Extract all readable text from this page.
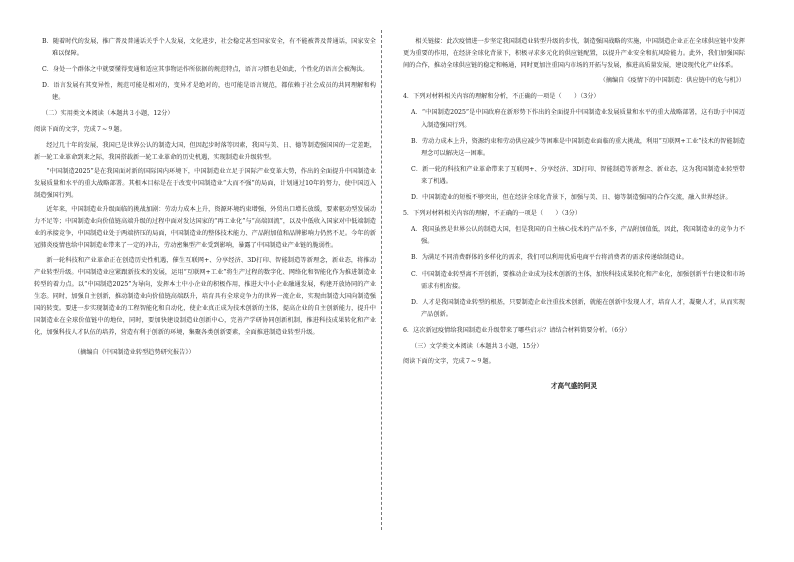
B．随着时代的发展，推广普及普通话关乎个人发展，文化进步，社会稳定甚至国家安全，有不能被普及普通话，国家安全难以保障。
C．身处一个群体之中就要懂得变通和适应其事物运作所依据的规范特点，语言习惯也是如此，个性化的语言会被淘汰。
D．语言发展有其变异性，规范可能是相对的，变异才是绝对的，也可能是语言规范，都依赖于社会成员的共同理解和构建。
（二）实用类文本阅读（本题共３小题，12分）
阅读下面的文字，完成７~９题。
经过几十年的发展，我国已是世界公认的制造大国，但因起步时落等因素，我国与美、日、德等制造强国国的一定差距，新一轮工业革命到来之际，我国搭载新一轮工业革命的历史机遇，实现制造业升级转型。
“中国制造2025”是在我国面对新的国际国内环境下，中国制造业立足于国际产业变革大势，作出的全面提升中国制造业发展质量和水平的重大战略部署。其根本目标是在于改变中国制造业“大而不强”的局面，计划通过10年的努力，使中国迈入制造强国行列。
近年来，中国制造业升级面临的挑战加剧：劳动力成本上升，资源环境约束增强，外贸出口增长放缓，要素驱动型发展动力不足等；中国制造业向价值链高端升级的过程中面对发达国家的“再工业化”与“高端回流”，以及中低收入国家对中低端制造业的承接竞争，中国制造业处于两端挤压的局面，中国制造业的整体技术能力、产品附加值和品牌影响力仍然不足。今年的新冠肺炎疫情也给中国制造业带来了一定的冲击，劳动密集型产业受到影响，暴露了中国制造业产业链的脆弱性。
新一轮科技和产业革命正在创造历史性机遇，催生互联网+、分享经济、3D打印、智能制造等新理念，新业态，将推动产业转型升级。中国制造业应紧跟新技术的发展，运用“互联网+工业”将生产过程的数字化、网络化和智能化作为推进制造业转型的着力点。以“中国制造2025”为导向，发挥本土中小企业的积极作用，推进大中小企业融通发展，构建开放协同的产业生态。同时，加强自主创新，推动制造业向价值链高端跃升，培育具有全球竞争力的世界一流企业，实现由制造大国向制造强国的转变。要进一步实现制造业的工程智能化和自动化，使企业真正成为技术创新的主体，提高企业的自主创新能力，提升中国制造业在全球价值链中的地位，同时，要加快建设制造业创新中心，完善产学研协同创新机制，推进科技成果转化和产业化，加强科技人才队伍的培养，营造有利于创新的环境，集聚各类创新要素，全面推进制造业转型升级。
（摘编自《中国制造业转型趋势研究报告》）
相关链接：此次疫情进一步坚定我国制造业转型升级的步伐，制造强国战略的实施，中国制造企业正在全球供应链中发挥更为重要的作用，在经济全球化背景下，积极寻求多元化的供应链配置，以提升产业安全和抗风险能力。此外，我们加强国际间的合作，推动全球供应链的稳定和畅通，同时更加注重国内市场的开拓与发展，推进高质量发展，建设现代化产业体系。
（摘编自《疫情下的中国制造：供应链中的危与机》）
4．下列对材料相关内容的理解和分析，不正确的一项是（　　）（3分）
A．“中国制造2025”是中国政府在新形势下作出的全面提升中国制造业发展质量和水平的重大战略部署，这有助于中国迈入制造强国行列。
B．劳动力成本上升，资源约束和劳动供应减少等困难是中国制造业面临的重大挑战，利用“互联网+工业”技术的智能制造理念可以解决这一困难。
C．新一轮的科技和产业革命带来了互联网+、分享经济、3D打印、智能制造等新理念、新业态，这为我国制造业转型带来了机遇。
D．中国制造业的短板不够突出，但在经济全球化背景下，加强与美、日、德等制造强国的合作交流，融入世界经济。
5．下列对材料相关内容的理解，不正确的一项是（　　）（3分）
A．我国虽然是世界公认的制造大国，但是我国的自主核心技术的产品不多，产品附加值低，因此，我国制造业的竞争力不强。
B．为满足不同消费群体的多样化的需求，我们可以利用优质电商平台将消费者的需求传递给制造业。
C．中国制造业转型离不开创新，要推动企业成为技术创新的主体，加快科技成果转化和产业化，加强创新平台建设和市场需求有机衔接。
D．人才是我国制造业转型的根基，只要制造企业注重技术创新，就能在创新中发现人才，培育人才，凝聚人才，从而实现产品创新。
6．这次新冠疫情给我国制造业升级带来了哪些启示？请结合材料简要分析。（6分）
（三）文学类文本阅读（本题共３小题，15分）
阅读下面的文字，完成７~９题。
才高气盛的阿灵
